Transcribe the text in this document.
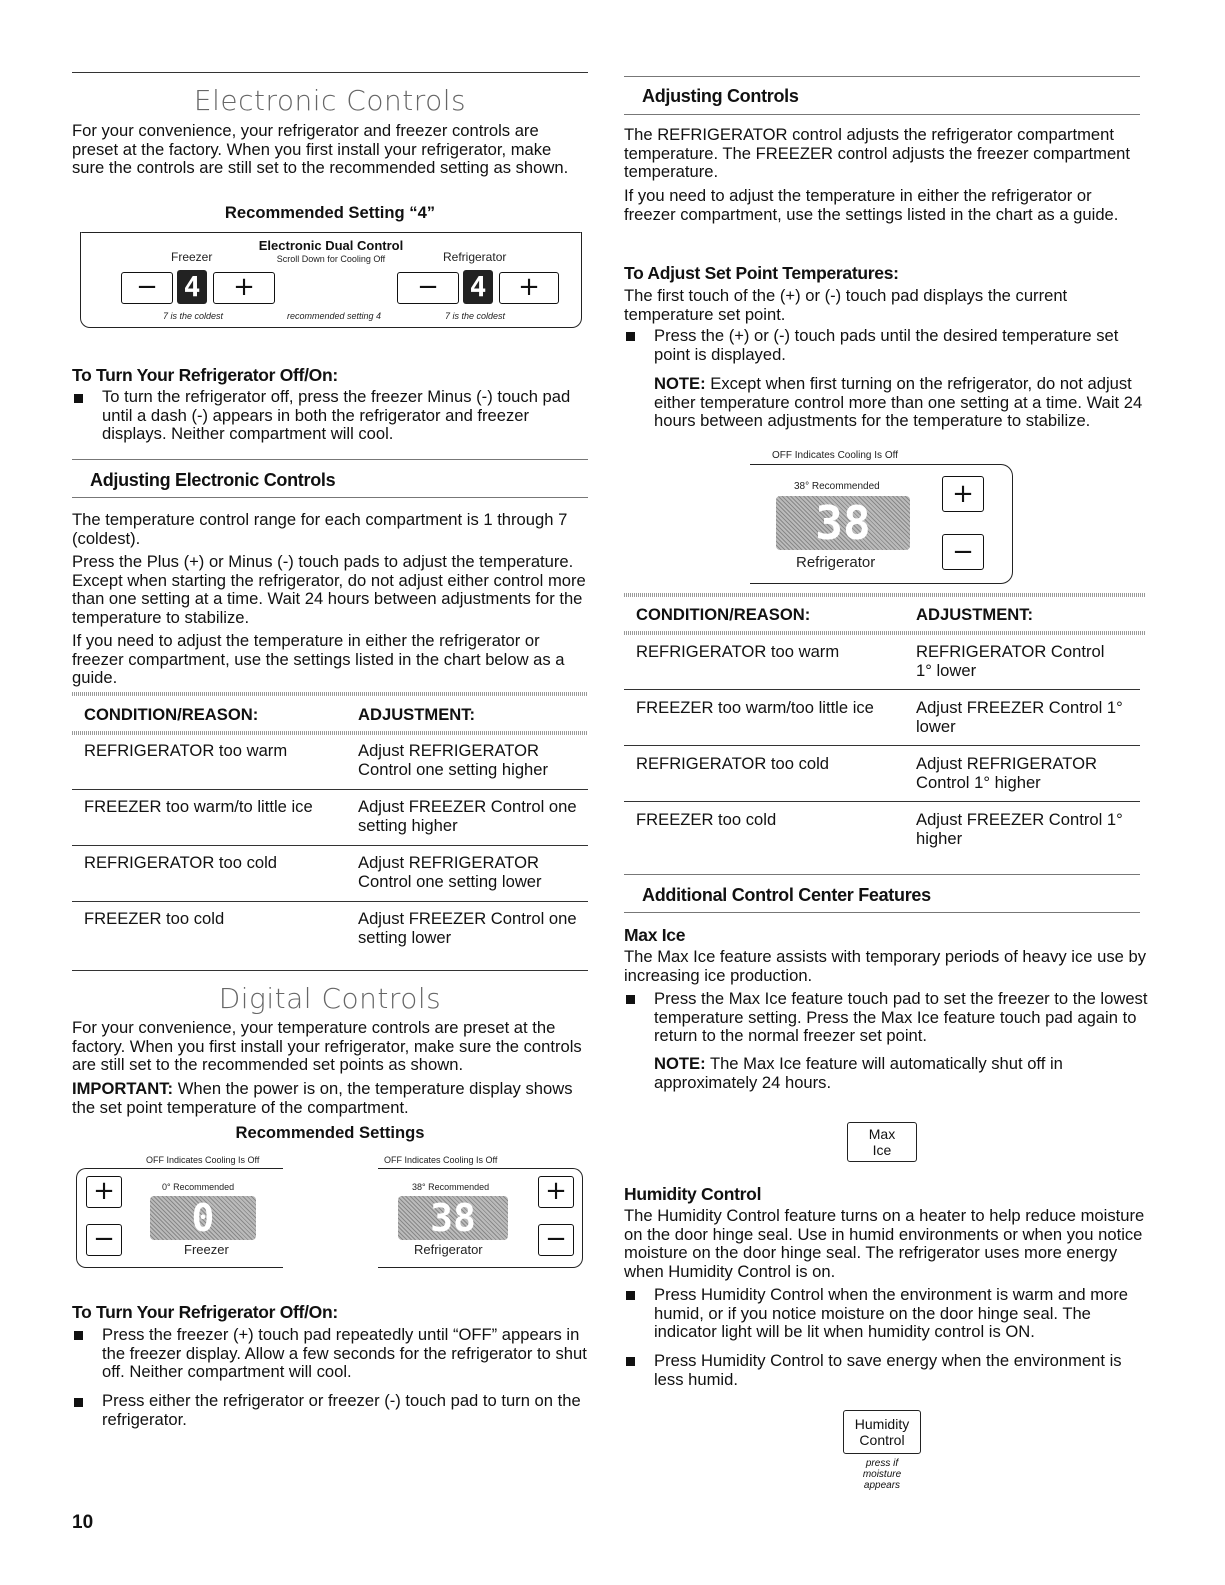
Electronic Controls
For your convenience, your refrigerator and freezer controls are preset at the factory. When you first install your refrigerator, make sure the controls are still set to the recommended setting as shown.
Recommended Setting “4”
Electronic Dual Control
Scroll Down for Cooling Off
Freezer	Refrigerator
− 4	+	−	4	+
7 is the coldest	recommended setting 4	7 is the coldest
To Turn Your Refrigerator Off/On:
To turn the refrigerator off, press the freezer Minus (-) touch pad until a dash (-) appears in both the refrigerator and freezer displays. Neither compartment will cool.
Adjusting Electronic Controls
The temperature control range for each compartment is 1 through 7 (coldest).
Press the Plus (+) or Minus (-) touch pads to adjust the temperature. Except when starting the refrigerator, do not adjust either control more than one setting at a time. Wait 24 hours between adjustments for the temperature to stabilize.
If you need to adjust the temperature in either the refrigerator or freezer compartment, use the settings listed in the chart below as a guide.
CONDITION/REASON:	ADJUSTMENT:
REFRIGERATOR too warm	Adjust REFRIGERATOR Control one setting higher
FREEZER too warm/to little ice	Adjust FREEZER Control one setting higher
REFRIGERATOR too cold	Adjust REFRIGERATOR Control one setting lower
FREEZER too cold	Adjust FREEZER Control one setting lower
Digital Controls
For your convenience, your temperature controls are preset at the factory. When you first install your refrigerator, make sure the controls are still set to the recommended set points as shown.
IMPORTANT: When the power is on, the temperature display shows the set point temperature of the compartment.
Recommended Settings
OFF Indicates Cooling Is Off
+
−
0° Recommended
0
Freezer
OFF Indicates Cooling Is Off
38° Recommended
38
Refrigerator
+
−
To Turn Your Refrigerator Off/On:
Press the freezer (+) touch pad repeatedly until “OFF” appears in the freezer display. Allow a few seconds for the refrigerator to shut off. Neither compartment will cool.
Press either the refrigerator or freezer (-) touch pad to turn on the refrigerator.
10
Adjusting Controls
The REFRIGERATOR control adjusts the refrigerator compartment temperature. The FREEZER control adjusts the freezer compartment temperature.
If you need to adjust the temperature in either the refrigerator or freezer compartment, use the settings listed in the chart as a guide.
To Adjust Set Point Temperatures:
The first touch of the (+) or (-) touch pad displays the current temperature set point.
Press the (+) or (-) touch pads until the desired temperature set point is displayed.
NOTE: Except when first turning on the refrigerator, do not adjust either temperature control more than one setting at a time. Wait 24 hours between adjustments for the temperature to stabilize.
OFF Indicates Cooling Is Off
38° Recommended
38
Refrigerator
+
−
CONDITION/REASON:	ADJUSTMENT:
REFRIGERATOR too warm	REFRIGERATOR Control 1° lower
FREEZER too warm/too little ice	Adjust FREEZER Control 1° lower
REFRIGERATOR too cold	Adjust REFRIGERATOR Control 1° higher
FREEZER too cold	Adjust FREEZER Control 1° higher
Additional Control Center Features
Max Ice
The Max Ice feature assists with temporary periods of heavy ice use by increasing ice production.
Press the Max Ice feature touch pad to set the freezer to the lowest temperature setting. Press the Max Ice feature touch pad again to return to the normal freezer set point.
NOTE: The Max Ice feature will automatically shut off in approximately 24 hours.
Max
Ice
Humidity Control
The Humidity Control feature turns on a heater to help reduce moisture on the door hinge seal. Use in humid environments or when you notice moisture on the door hinge seal. The refrigerator uses more energy when Humidity Control is on.
Press Humidity Control when the environment is warm and more humid, or if you notice moisture on the door hinge seal. The indicator light will be lit when humidity control is ON.
Press Humidity Control to save energy when the environment is less humid.
Humidity
Control
press if
moisture
appears
